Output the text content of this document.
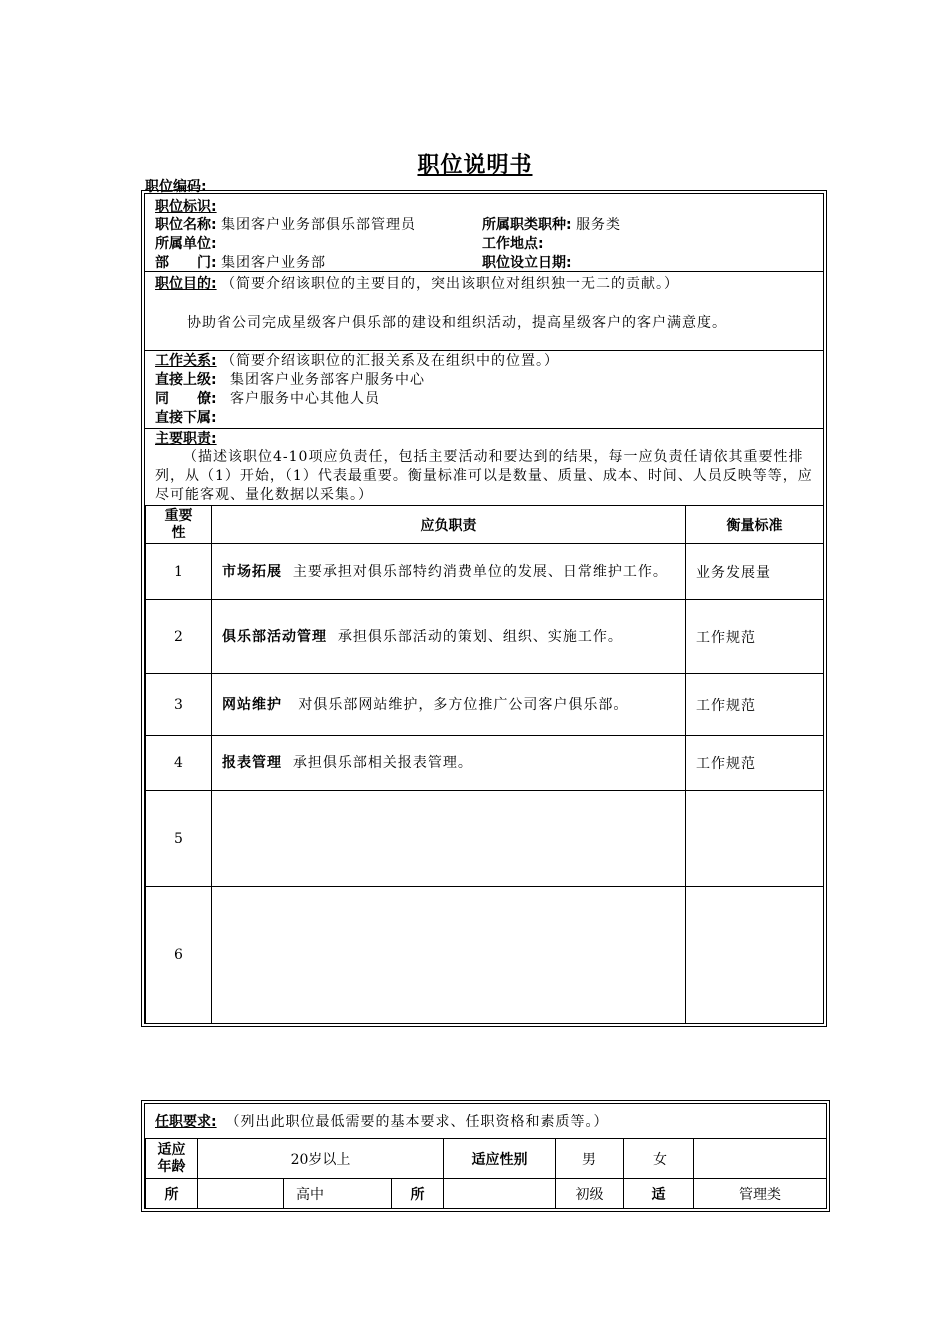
职位说明书
职位编码:
职位标识:
职位名称: 集团客户业务部俱乐部管理员	所属职类职种: 服务类
所属单位:	工作地点:
部　　门: 集团客户业务部	职位设立日期:
职位目的: （简要介绍该职位的主要目的，突出该职位对组织独一无二的贡献。）
协助省公司完成星级客户俱乐部的建设和组织活动，提高星级客户的客户满意度。
工作关系: （简要介绍该职位的汇报关系及在组织中的位置。）
直接上级: 集团客户业务部客户服务中心
同　　僚: 客户服务中心其他人员
直接下属:
主要职责:
（描述该职位4-10项应负责任，包括主要活动和要达到的结果，每一应负责任请依其重要性排列，从（1）开始，（1）代表最重要。衡量标准可以是数量、质量、成本、时间、人员反映等等，应尽可能客观、量化数据以采集。）
重要性	应负职责	衡量标准
1	市场拓展 主要承担对俱乐部特约消费单位的发展、日常维护工作。	业务发展量
2	俱乐部活动管理 承担俱乐部活动的策划、组织、实施工作。	工作规范
3	网站维护 对俱乐部网站维护，多方位推广公司客户俱乐部。	工作规范
4	报表管理 承担俱乐部相关报表管理。	工作规范
5		
6		
任职要求: （列出此职位最低需要的基本要求、任职资格和素质等。）
适应年龄	20岁以上			适应性别	男	女	
所		高中	所		初级	适	管理类
